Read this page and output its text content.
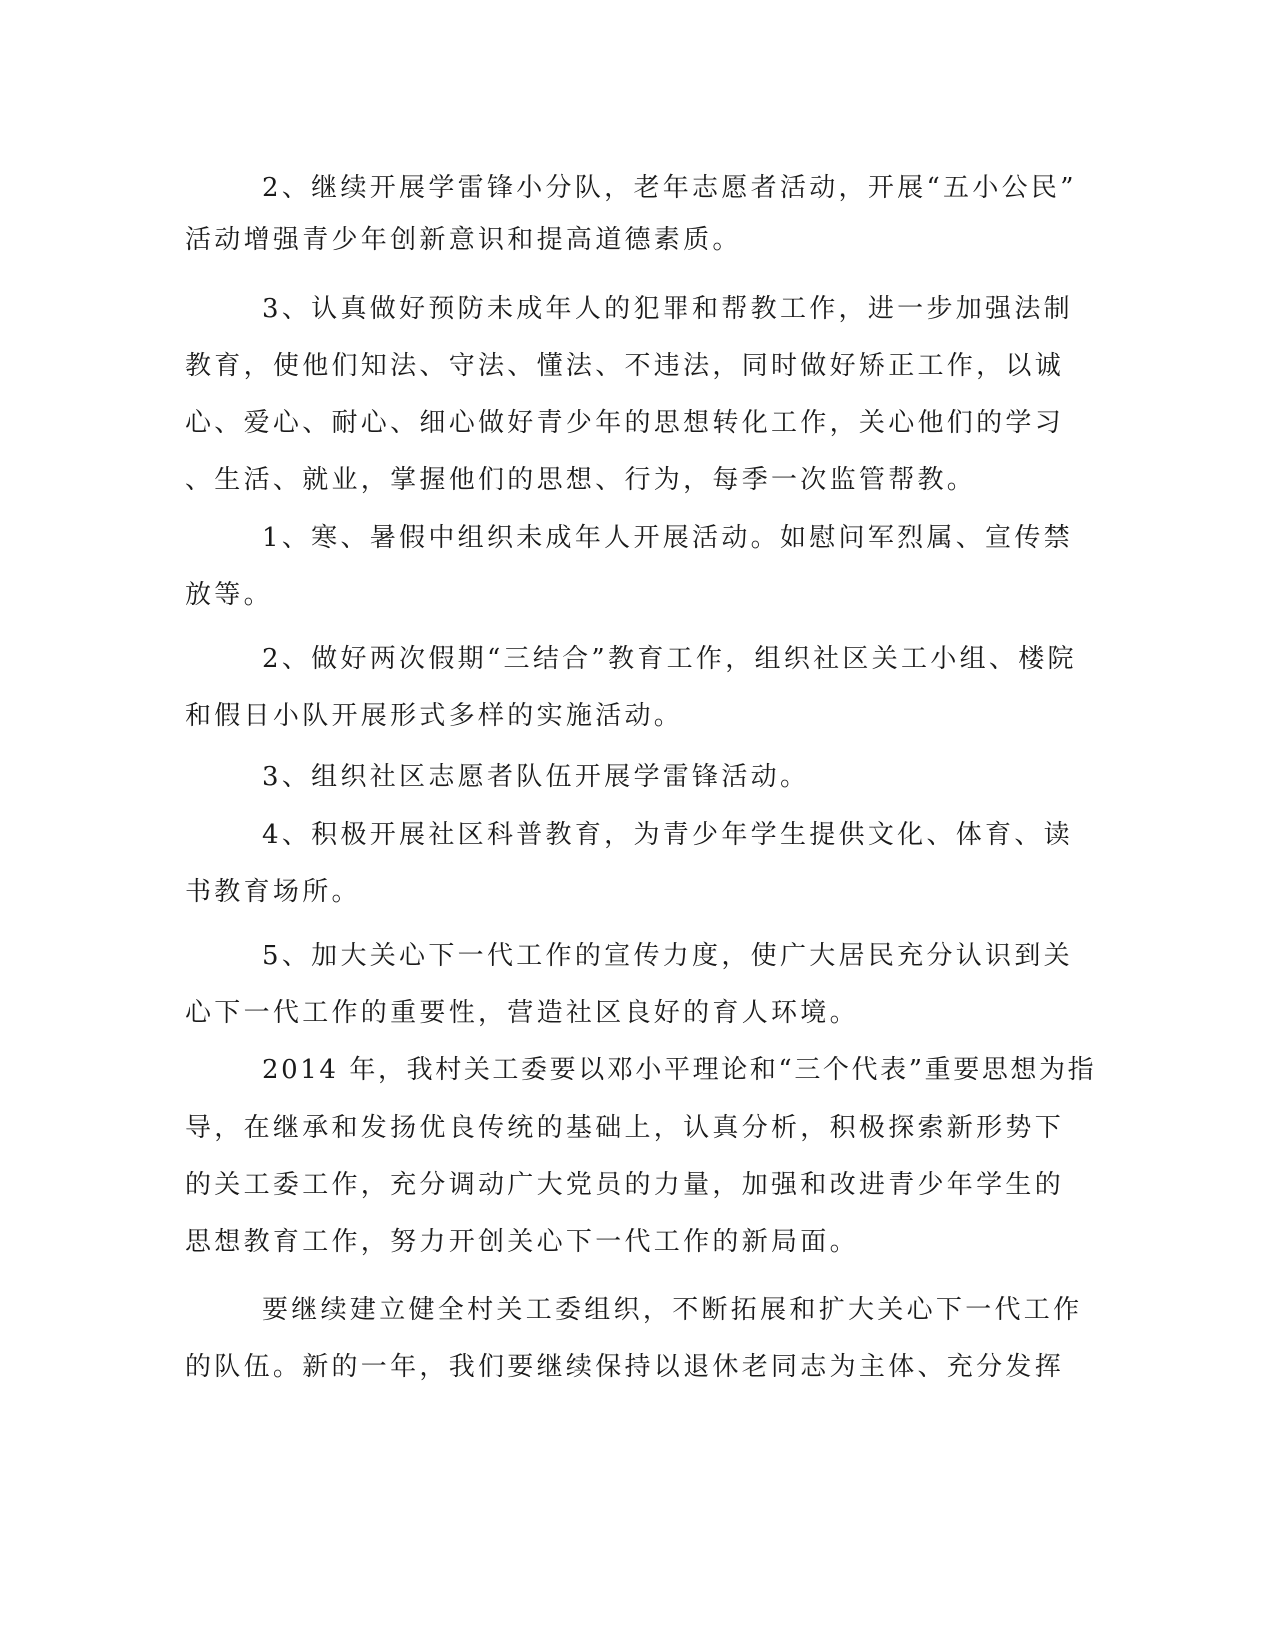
2、继续开展学雷锋小分队，老年志愿者活动，开展“五小公民”

活动增强青少年创新意识和提高道德素质。

3、认真做好预防未成年人的犯罪和帮教工作，进一步加强法制

教育，使他们知法、守法、懂法、不违法，同时做好矫正工作，以诚

心、爱心、耐心、细心做好青少年的思想转化工作，关心他们的学习

、生活、就业，掌握他们的思想、行为，每季一次监管帮教。

1、寒、暑假中组织未成年人开展活动。如慰问军烈属、宣传禁

放等。

2、做好两次假期“三结合”教育工作，组织社区关工小组、楼院

和假日小队开展形式多样的实施活动。

3、组织社区志愿者队伍开展学雷锋活动。

4、积极开展社区科普教育，为青少年学生提供文化、体育、读

书教育场所。

5、加大关心下一代工作的宣传力度，使广大居民充分认识到关

心下一代工作的重要性，营造社区良好的育人环境。

2014 年，我村关工委要以邓小平理论和“三个代表”重要思想为指

导，在继承和发扬优良传统的基础上，认真分析，积极探索新形势下

的关工委工作，充分调动广大党员的力量，加强和改进青少年学生的

思想教育工作，努力开创关心下一代工作的新局面。

要继续建立健全村关工委组织，不断拓展和扩大关心下一代工作

的队伍。新的一年，我们要继续保持以退休老同志为主体、充分发挥
